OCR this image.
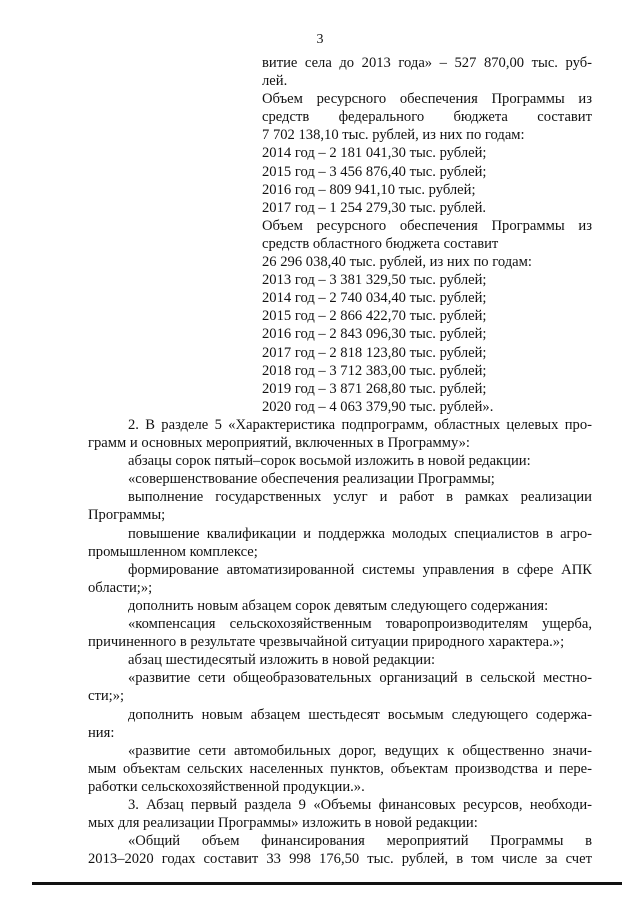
3
витие села до 2013 года» – 527 870,00 тыс. руб-
лей.
Объем ресурсного обеспечения Программы из
средств федерального бюджета составит
7 702 138,10 тыс. рублей, из них по годам:
2014 год – 2 181 041,30 тыс. рублей;
2015 год – 3 456 876,40 тыс. рублей;
2016 год – 809 941,10 тыс. рублей;
2017 год – 1 254 279,30 тыс. рублей.
Объем ресурсного обеспечения Программы из
средств областного бюджета составит
26 296 038,40 тыс. рублей, из них по годам:
2013 год – 3 381 329,50 тыс. рублей;
2014 год – 2 740 034,40 тыс. рублей;
2015 год – 2 866 422,70 тыс. рублей;
2016 год – 2 843 096,30 тыс. рублей;
2017 год – 2 818 123,80 тыс. рублей;
2018 год – 3 712 383,00 тыс. рублей;
2019 год – 3 871 268,80 тыс. рублей;
2020 год – 4 063 379,90 тыс. рублей».
2. В разделе 5 «Характеристика подпрограмм, областных целевых про-
грамм и основных мероприятий, включенных в Программу»:
абзацы сорок пятый–сорок восьмой изложить в новой редакции:
«совершенствование обеспечения реализации Программы;
выполнение государственных услуг и работ в рамках реализации
Программы;
повышение квалификации и поддержка молодых специалистов в агро-
промышленном комплексе;
формирование автоматизированной системы управления в сфере АПК
области;»;
дополнить новым абзацем сорок девятым следующего содержания:
«компенсация сельскохозяйственным товаропроизводителям ущерба,
причиненного в результате чрезвычайной ситуации природного характера.»;
абзац шестидесятый изложить в новой редакции:
«развитие сети общеобразовательных организаций в сельской местно-
сти;»;
дополнить новым абзацем шестьдесят восьмым следующего содержа-
ния:
«развитие сети автомобильных дорог, ведущих к общественно значи-
мым объектам сельских населенных пунктов, объектам производства и пере-
работки сельскохозяйственной продукции.».
3. Абзац первый раздела 9 «Объемы финансовых ресурсов, необходи-
мых для реализации Программы» изложить в новой редакции:
«Общий объем финансирования мероприятий Программы в
2013–2020 годах составит 33 998 176,50 тыс. рублей, в том числе за счет
